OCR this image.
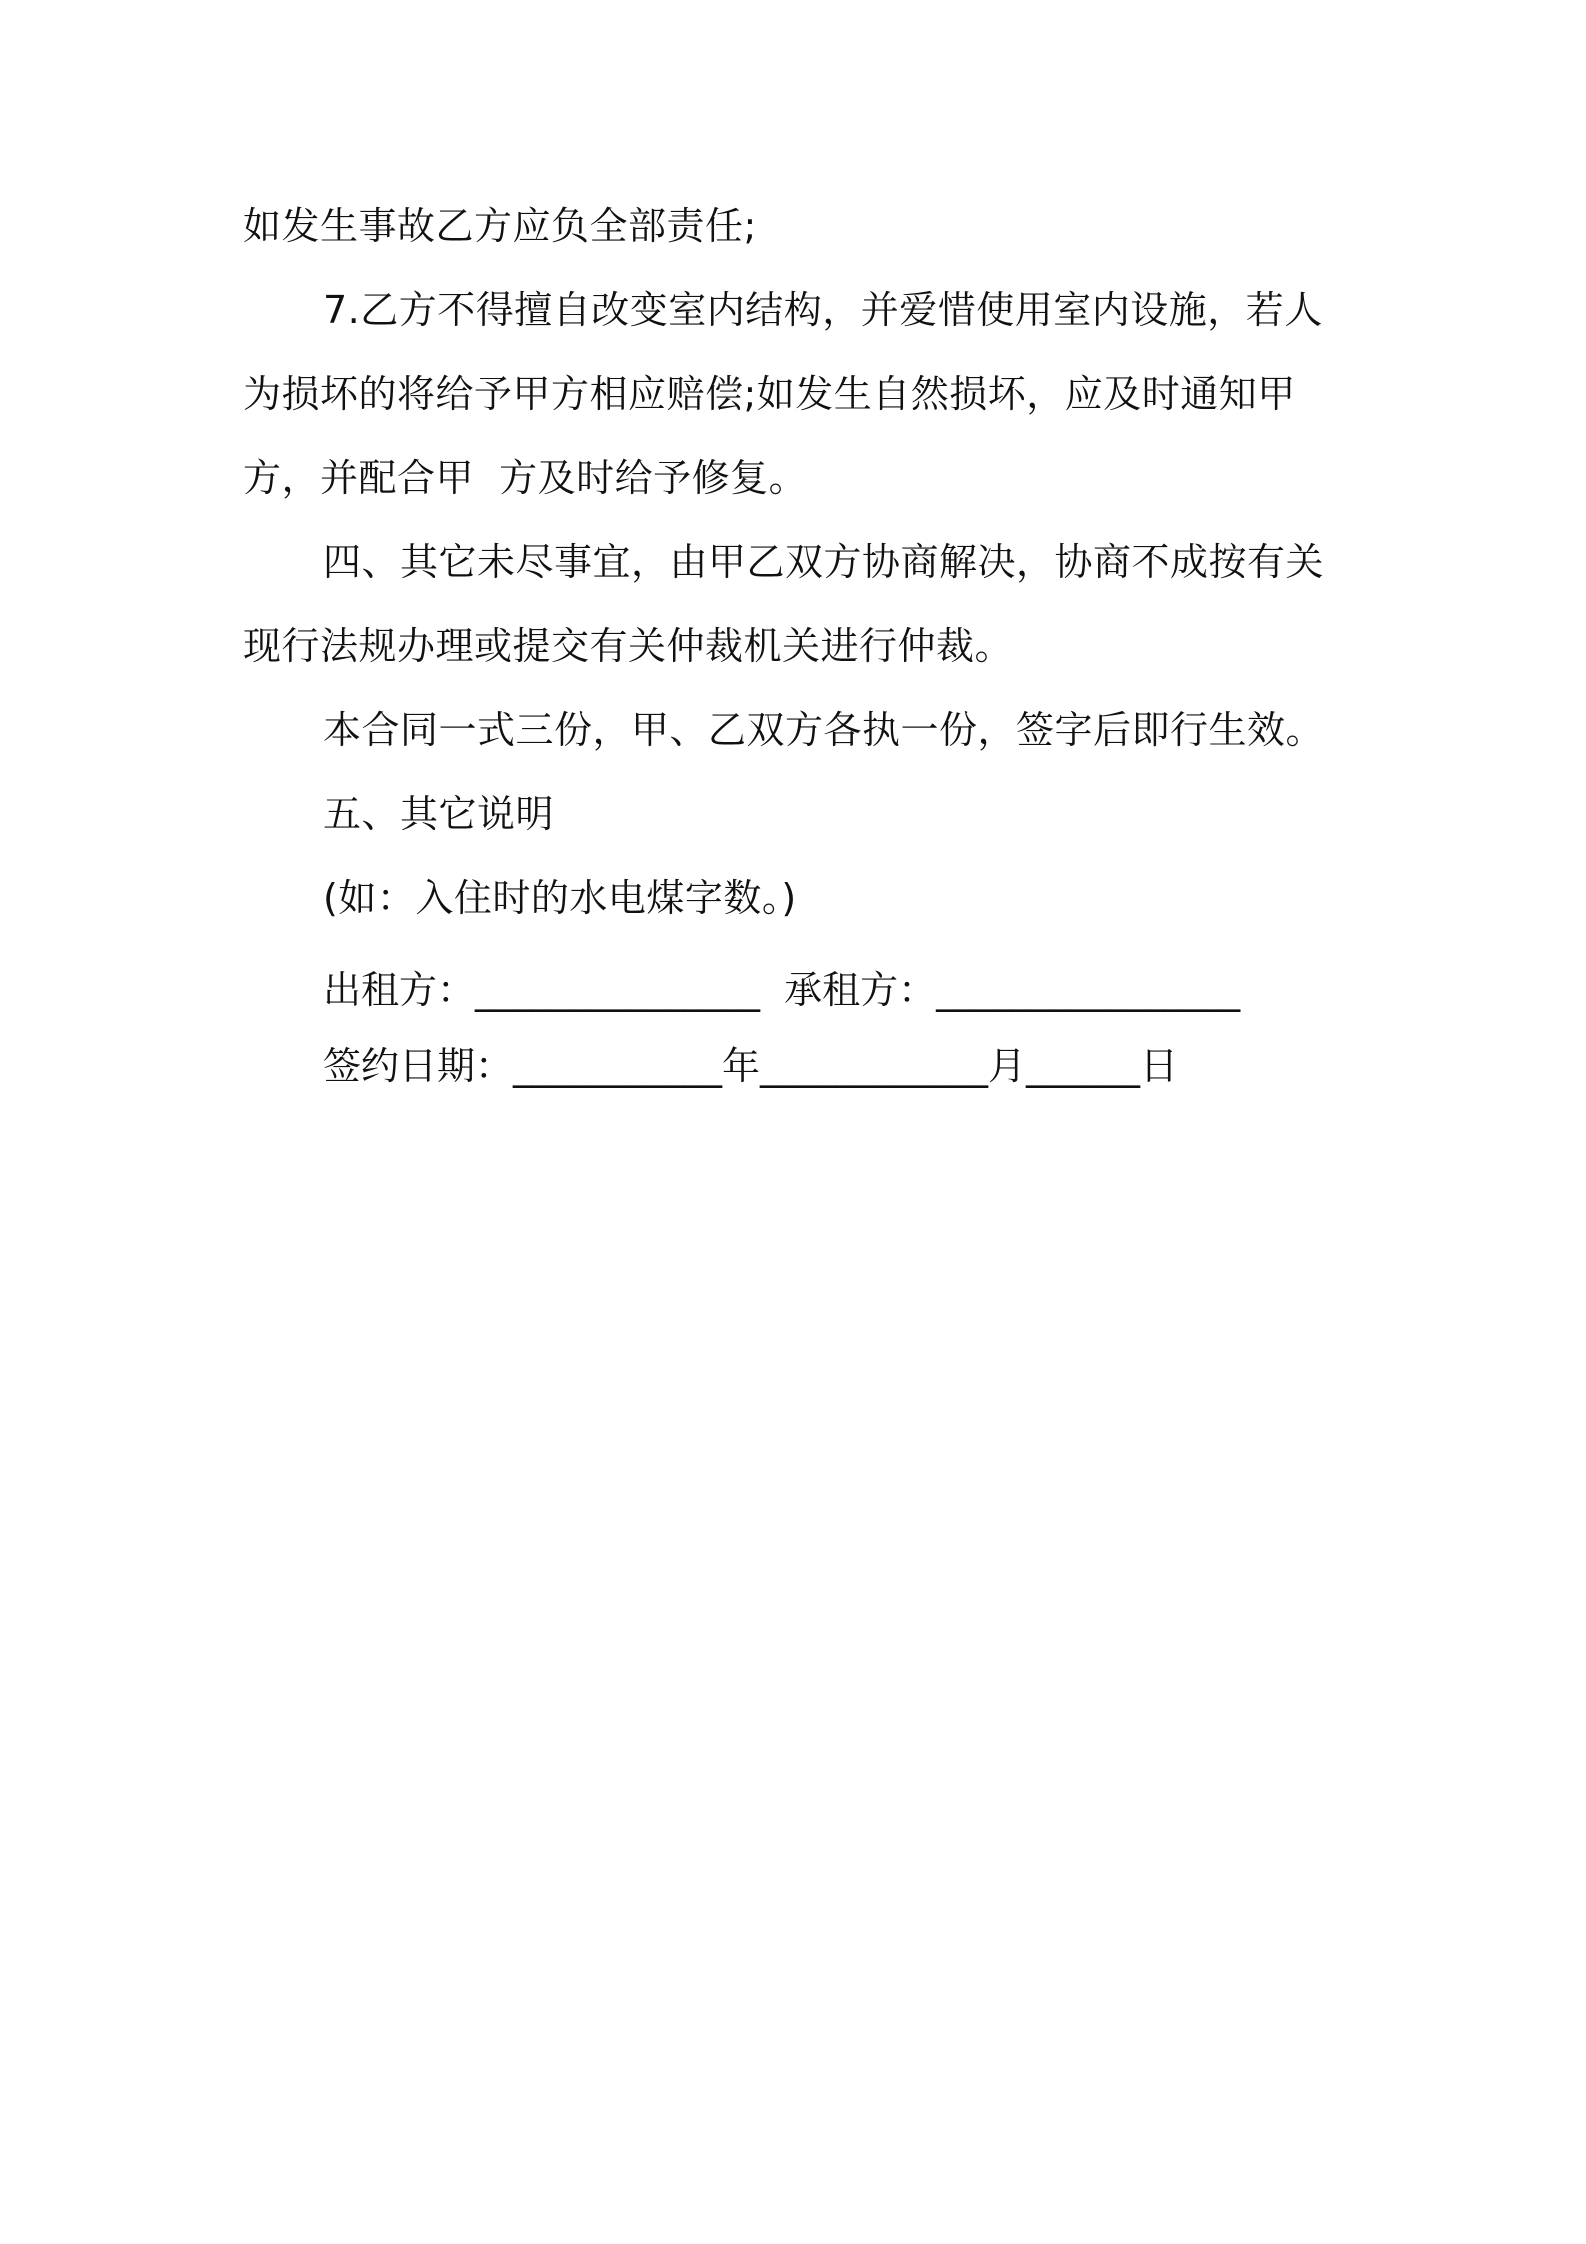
如发生事故乙方应负全部责任;
7.乙方不得擅自改变室内结构，并爱惜使用室内设施，若人
为损坏的将给予甲方相应赔偿;如发生自然损坏，应及时通知甲
方，并配合甲  方及时给予修复。
四、其它未尽事宜，由甲乙双方协商解决，协商不成按有关
现行法规办理或提交有关仲裁机关进行仲裁。
本合同一式三份，甲、乙双方各执一份，签字后即行生效。
五、其它说明
(如：入住时的水电煤字数。)
出租方：_______________  承租方：________________
签约日期：___________年____________月______日
